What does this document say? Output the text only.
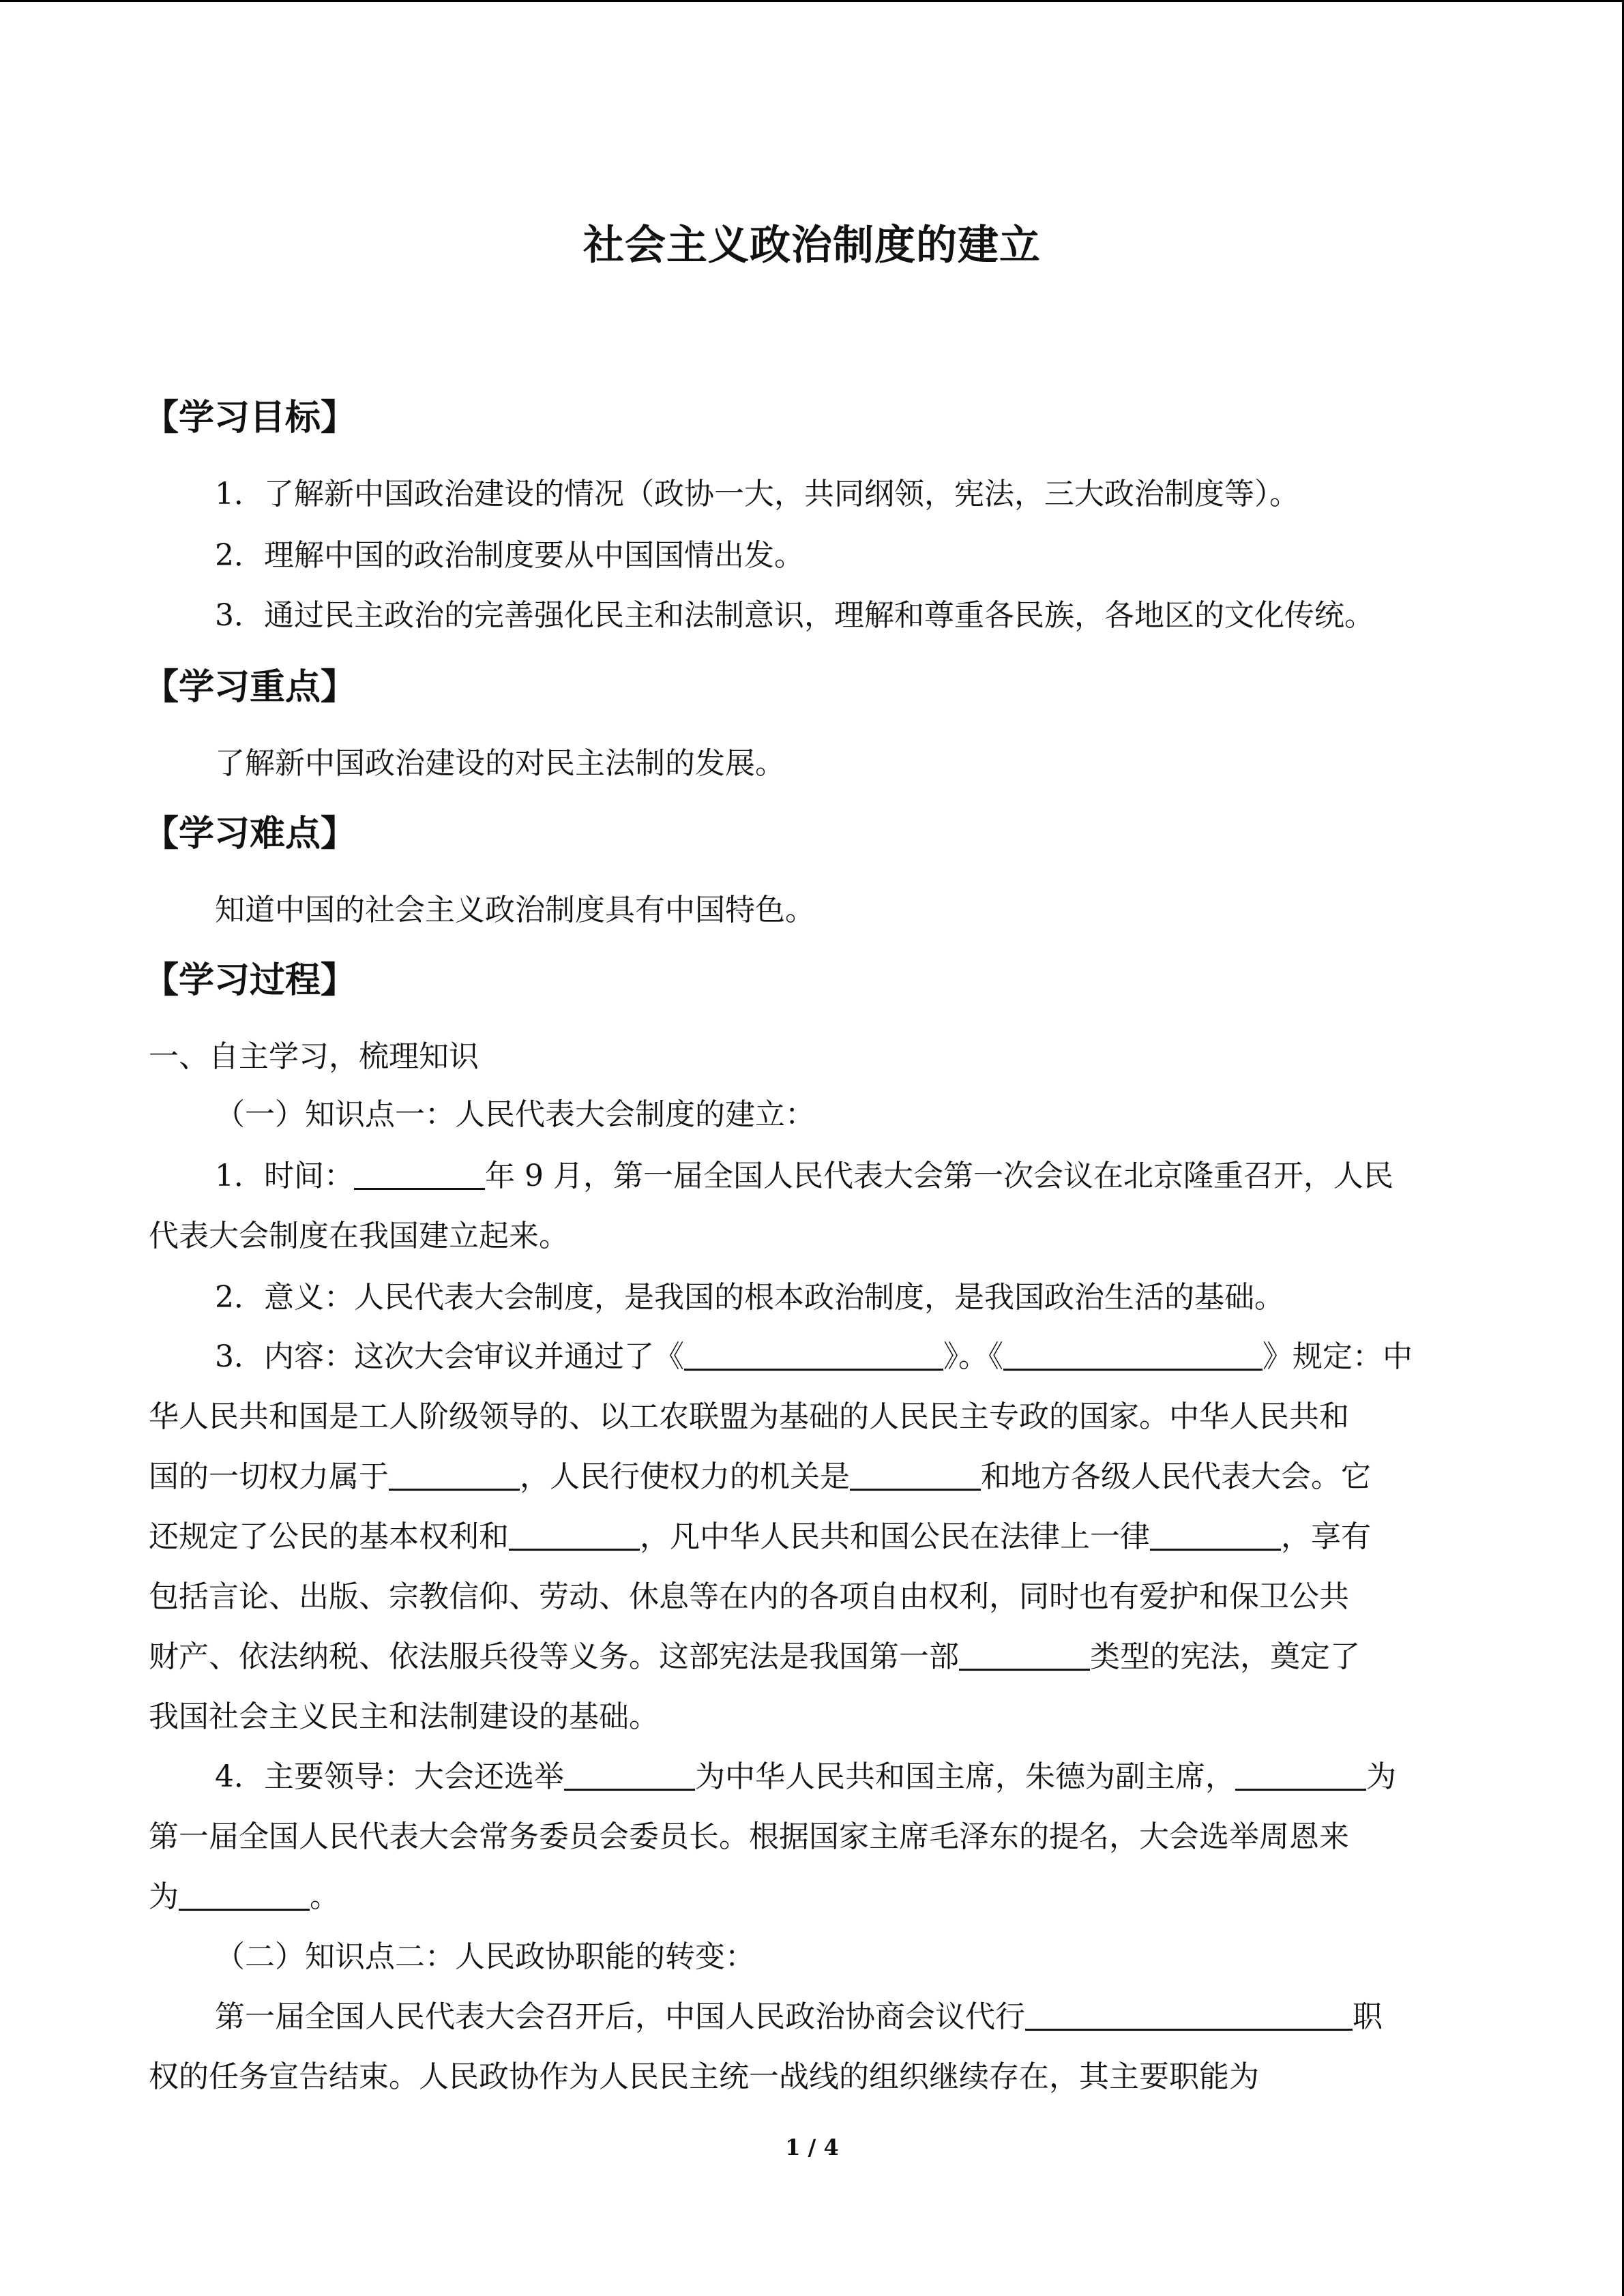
社会主义政治制度的建立
【学习目标】
1．了解新中国政治建设的情况（政协一大，共同纲领，宪法，三大政治制度等）。
2．理解中国的政治制度要从中国国情出发。
3．通过民主政治的完善强化民主和法制意识，理解和尊重各民族，各地区的文化传统。
【学习重点】
了解新中国政治建设的对民主法制的发展。
【学习难点】
知道中国的社会主义政治制度具有中国特色。
【学习过程】
一、自主学习，梳理知识
（一）知识点一：人民代表大会制度的建立：
1．时间：	年 9 月，第一届全国人民代表大会第一次会议在北京隆重召开，人民
代表大会制度在我国建立起来。
2．意义：人民代表大会制度，是我国的根本政治制度，是我国政治生活的基础。
3．内容：这次大会审议并通过了《	》。《	》规定：中
华人民共和国是工人阶级领导的、以工农联盟为基础的人民民主专政的国家。中华人民共和
国的一切权力属于	，人民行使权力的机关是	和地方各级人民代表大会。它
还规定了公民的基本权利和	，凡中华人民共和国公民在法律上一律	，享有
包括言论、出版、宗教信仰、劳动、休息等在内的各项自由权利，同时也有爱护和保卫公共
财产、依法纳税、依法服兵役等义务。这部宪法是我国第一部	类型的宪法，奠定了
我国社会主义民主和法制建设的基础。
4．主要领导：大会还选举	为中华人民共和国主席，朱德为副主席，	为
第一届全国人民代表大会常务委员会委员长。根据国家主席毛泽东的提名，大会选举周恩来
为	。
（二）知识点二：人民政协职能的转变：
第一届全国人民代表大会召开后，中国人民政治协商会议代行	职
权的任务宣告结束。人民政协作为人民民主统一战线的组织继续存在，其主要职能为
1 / 4
